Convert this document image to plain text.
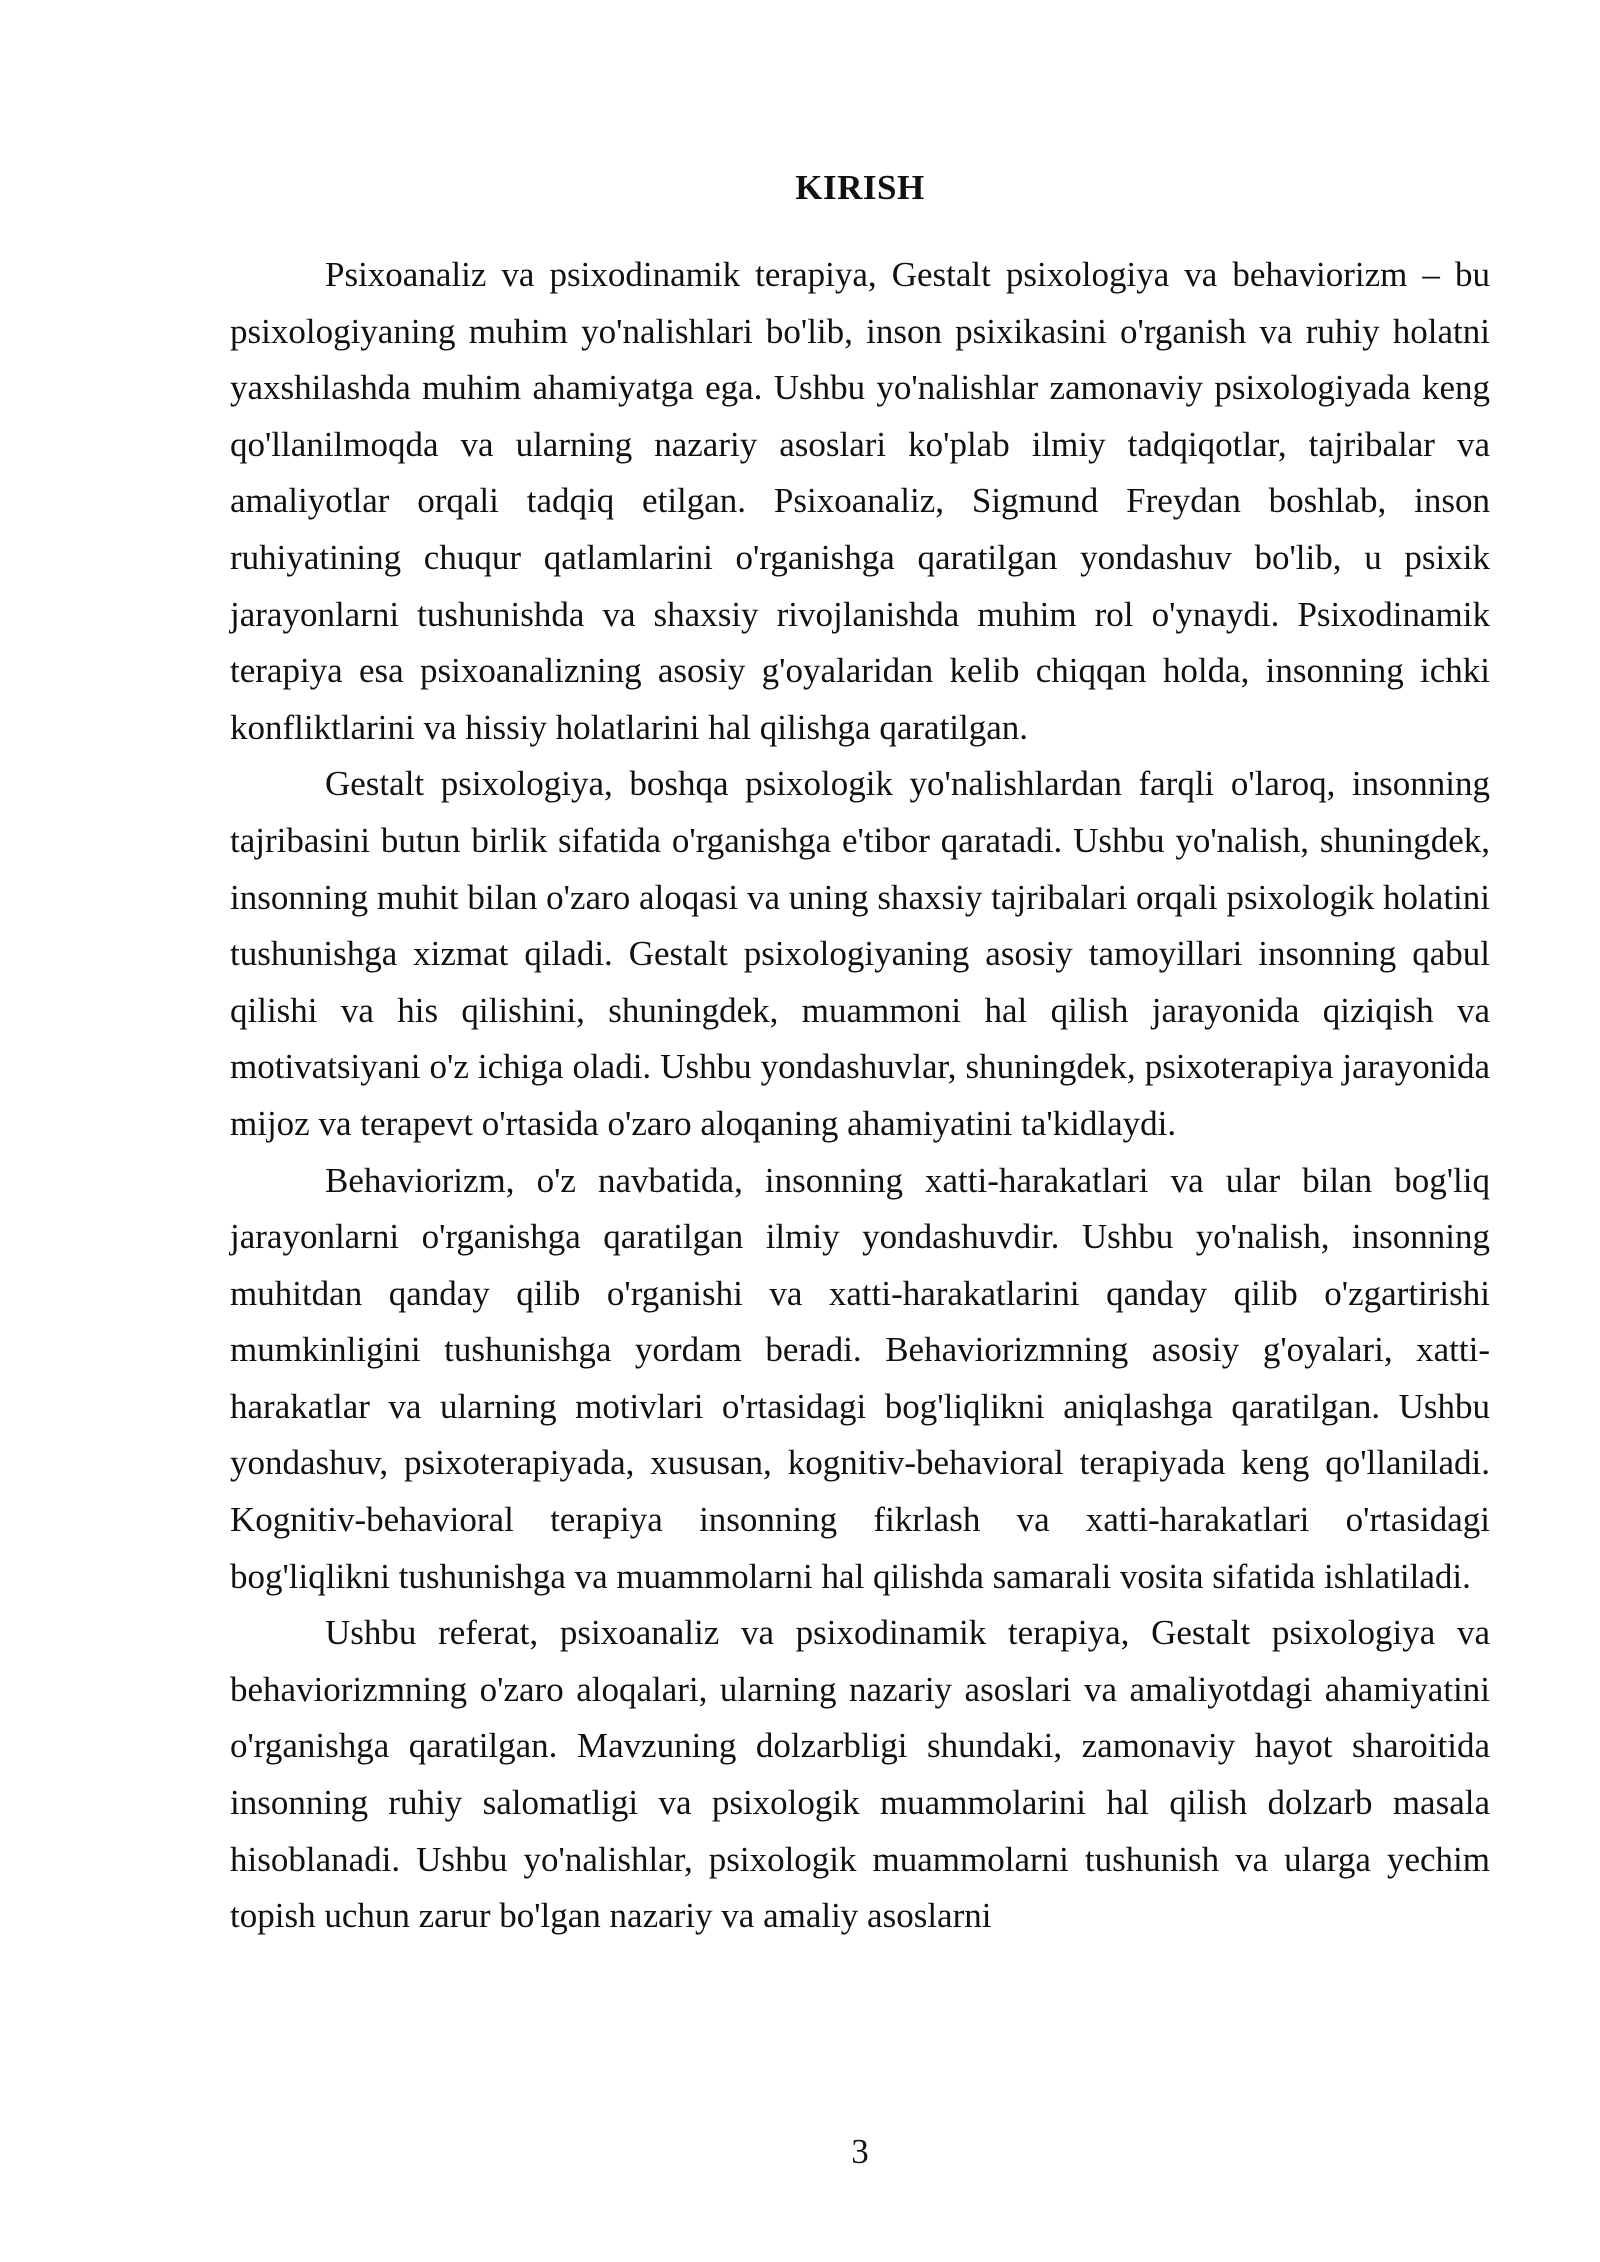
KIRISH

Psixoanaliz va psixodinamik terapiya, Gestalt psixologiya va behaviorizm – bu psixologiyaning muhim yo'nalishlari bo'lib, inson psixikasini o'rganish va ruhiy holatni yaxshilashda muhim ahamiyatga ega. Ushbu yo'nalishlar zamonaviy psixologiyada keng qo'llanilmoqda va ularning nazariy asoslari ko'plab ilmiy tadqiqotlar, tajribalar va amaliyotlar orqali tadqiq etilgan. Psixoanaliz, Sigmund Freydan boshlab, inson ruhiyatining chuqur qatlamlarini o'rganishga qaratilgan yondashuv bo'lib, u psixik jarayonlarni tushunishda va shaxsiy rivojlanishda muhim rol o'ynaydi. Psixodinamik terapiya esa psixoanalizning asosiy g'oyalaridan kelib chiqqan holda, insonning ichki konfliktlarini va hissiy holatlarini hal qilishga qaratilgan.

Gestalt psixologiya, boshqa psixologik yo'nalishlardan farqli o'laroq, insonning tajribasini butun birlik sifatida o'rganishga e'tibor qaratadi. Ushbu yo'nalish, shuningdek, insonning muhit bilan o'zaro aloqasi va uning shaxsiy tajribalari orqali psixologik holatini tushunishga xizmat qiladi. Gestalt psixologiyaning asosiy tamoyillari insonning qabul qilishi va his qilishini, shuningdek, muammoni hal qilish jarayonida qiziqish va motivatsiyani o'z ichiga oladi. Ushbu yondashuvlar, shuningdek, psixoterapiya jarayonida mijoz va terapevt o'rtasida o'zaro aloqaning ahamiyatini ta'kidlaydi.

Behaviorizm, o'z navbatida, insonning xatti-harakatlari va ular bilan bog'liq jarayonlarni o'rganishga qaratilgan ilmiy yondashuvdir. Ushbu yo'nalish, insonning muhitdan qanday qilib o'rganishi va xatti-harakatlarini qanday qilib o'zgartirishi mumkinligini tushunishga yordam beradi. Behaviorizmning asosiy g'oyalari, xatti-harakatlar va ularning motivlari o'rtasidagi bog'liqlikni aniqlashga qaratilgan. Ushbu yondashuv, psixoterapiyada, xususan, kognitiv-behavioral terapiyada keng qo'llaniladi. Kognitiv-behavioral terapiya insonning fikrlash va xatti-harakatlari o'rtasidagi bog'liqlikni tushunishga va muammolarni hal qilishda samarali vosita sifatida ishlatiladi.

Ushbu referat, psixoanaliz va psixodinamik terapiya, Gestalt psixologiya va behaviorizmning o'zaro aloqalari, ularning nazariy asoslari va amaliyotdagi ahamiyatini o'rganishga qaratilgan. Mavzuning dolzarbligi shundaki, zamonaviy hayot sharoitida insonning ruhiy salomatligi va psixologik muammolarini hal qilish dolzarb masala hisoblanadi. Ushbu yo'nalishlar, psixologik muammolarni tushunish va ularga yechim topish uchun zarur bo'lgan nazariy va amaliy asoslarni

3
